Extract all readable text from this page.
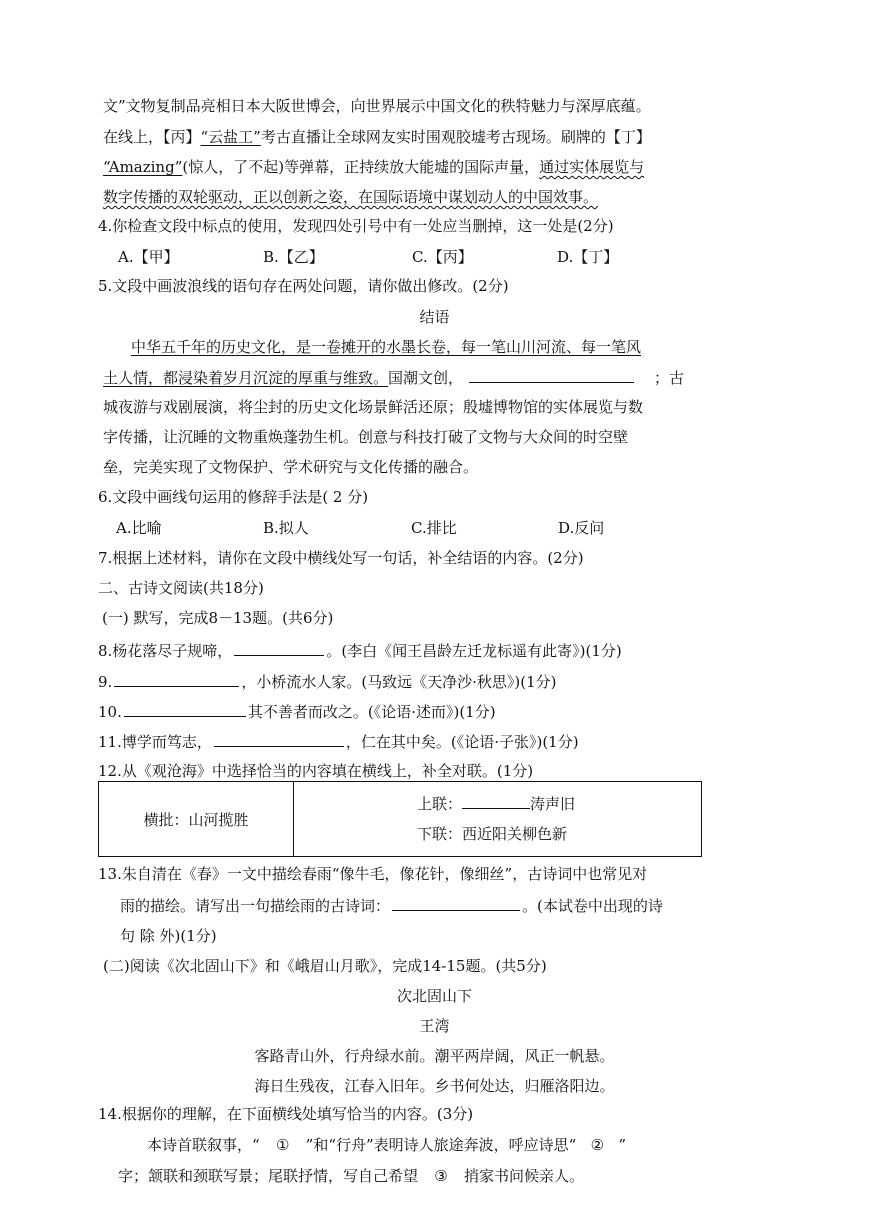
文”文物复制品亮相日本大阪世博会，向世界展示中国文化的秩特魅力与深厚底蕴。
在线上，【丙】“云盐工”考古直播让全球网友实时围观胶墟考古现场。刷牌的【丁】
“Amazing”(惊人，了不起)等弹幕，正持续放大能墟的国际声量，通过实体展览与
数字传播的双轮驱动，正以创新之姿，在国际语境中谋划动人的中国效事。
4.你检查文段中标点的使用，发现四处引号中有一处应当删掉，这一处是(2分)
A.【甲】	B.【乙】	C.【丙】	D.【丁】
5.文段中画波浪线的语句存在两处问题，请你做出修改。(2分)
结语
中华五千年的历史文化，是一卷摊开的水墨长卷，每一笔山川河流、每一笔风
土人情，都浸染着岁月沉淀的厚重与维致。国潮文创，	；古
城夜游与戏剧展演，将尘封的历史文化场景鲜活还原；殷墟博物馆的实体展览与数
字传播，让沉睡的文物重焕蓬勃生机。创意与科技打破了文物与大众间的时空壁
垒，完美实现了文物保护、学术研究与文化传播的融合。
6.文段中画线句运用的修辞手法是( 2 分)
A.比喻	B.拟人	C.排比	D.反问
7.根据上述材料，请你在文段中横线处写一句话，补全结语的内容。(2分)
二、古诗文阅读(共18分)
(一) 默写，完成8－13题。(共6分)
8.杨花落尽子规啼，	。(李白《闻王昌龄左迁龙标遥有此寄》)(1分)
9.	，小桥流水人家。(马致远《天净沙·秋思》)(1分)
10.	其不善者而改之。(《论语·述而》)(1分)
11.博学而笃志，	，仁在其中矣。(《论语·子张》)(1分)
12.从《观沧海》中选择恰当的内容填在横线上，补全对联。(1分)
横批：山河揽胜	
上联：	涛声旧
下联：西近阳关柳色新
13.朱自清在《春》一文中描绘春雨“像牛毛，像花针，像细丝”，古诗词中也常见对
雨的描绘。请写出一句描绘雨的古诗词：	。(本试卷中出现的诗
句 除 外)(1分)
(二)阅读《次北固山下》和《峨眉山月歌》，完成14-15题。(共5分)
次北固山下
王湾
客路青山外，行舟绿水前。潮平两岸阔，风正一帆悬。
海日生残夜，江春入旧年。乡书何处达，归雁洛阳边。
14.根据你的理解，在下面横线处填写恰当的内容。(3分)
本诗首联叙事，“ ① ”和“行舟”表明诗人旅途奔波，呼应诗思“ ② ”
字；颔联和颈联写景；尾联抒情，写自己希望 ③ 捎家书问候亲人。
